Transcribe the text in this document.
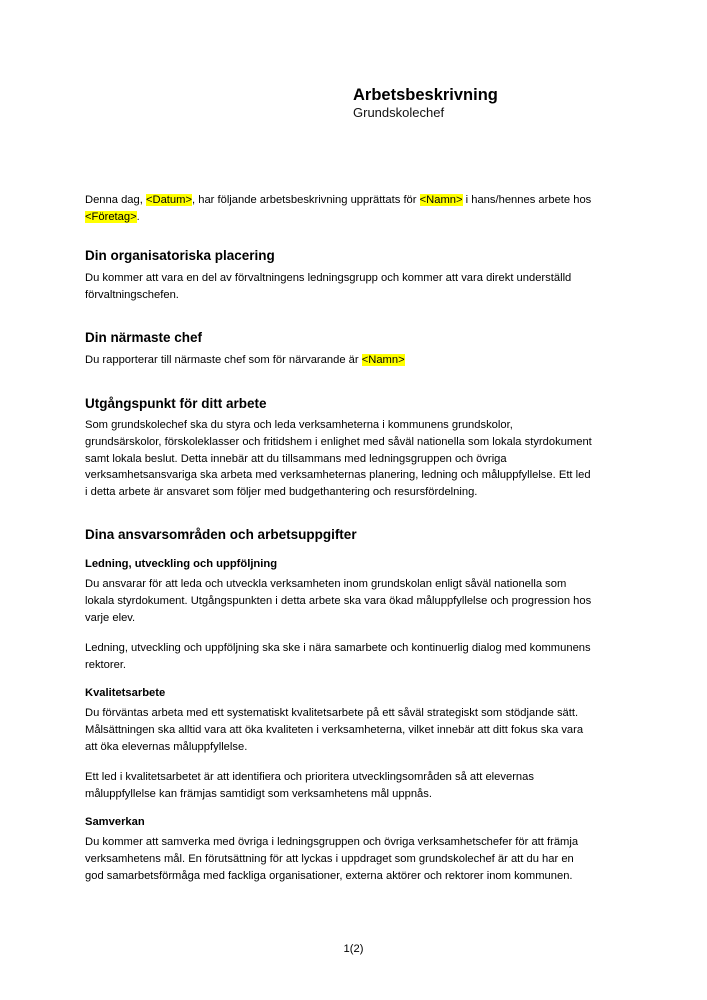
Arbetsbeskrivning

Grundskolechef

Denna dag, <Datum>, har följande arbetsbeskrivning upprättats för <Namn> i hans/hennes arbete hos

<Företag>.

Din organisatoriska placering

Du kommer att vara en del av förvaltningens ledningsgrupp och kommer att vara direkt underställd

förvaltningschefen.

Din närmaste chef

Du rapporterar till närmaste chef som för närvarande är <Namn>

Utgångspunkt för ditt arbete

Som grundskolechef ska du styra och leda verksamheterna i kommunens grundskolor,

grundsärskolor, förskoleklasser och fritidshem i enlighet med såväl nationella som lokala styrdokument

samt lokala beslut. Detta innebär att du tillsammans med ledningsgruppen och övriga

verksamhetsansvariga ska arbeta med verksamheternas planering, ledning och måluppfyllelse. Ett led

i detta arbete är ansvaret som följer med budgethantering och resursfördelning.

Dina ansvarsområden och arbetsuppgifter
Ledning, utveckling och uppföljning

Du ansvarar för att leda och utveckla verksamheten inom grundskolan enligt såväl nationella som

lokala styrdokument. Utgångspunkten i detta arbete ska vara ökad måluppfyllelse och progression hos

varje elev.

Ledning, utveckling och uppföljning ska ske i nära samarbete och kontinuerlig dialog med kommunens

rektorer.

Kvalitetsarbete

Du förväntas arbeta med ett systematiskt kvalitetsarbete på ett såväl strategiskt som stödjande sätt.

Målsättningen ska alltid vara att öka kvaliteten i verksamheterna, vilket innebär att ditt fokus ska vara

att öka elevernas måluppfyllelse.

Ett led i kvalitetsarbetet är att identifiera och prioritera utvecklingsområden så att elevernas

måluppfyllelse kan främjas samtidigt som verksamhetens mål uppnås.

Samverkan

Du kommer att samverka med övriga i ledningsgruppen och övriga verksamhetschefer för att främja

verksamhetens mål. En förutsättning för att lyckas i uppdraget som grundskolechef är att du har en

god samarbetsförmåga med fackliga organisationer, externa aktörer och rektorer inom kommunen.

1(2)
